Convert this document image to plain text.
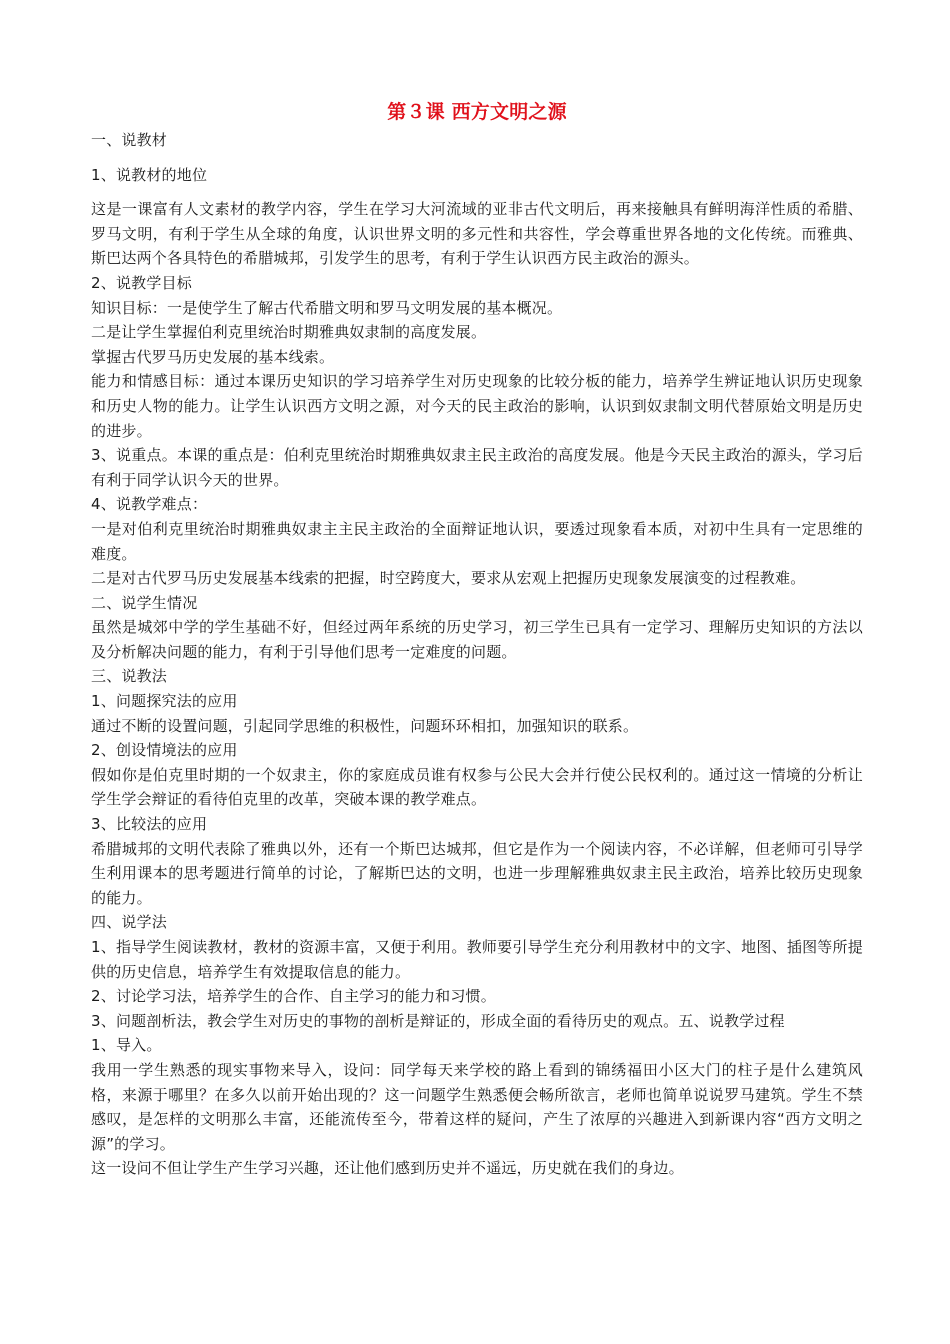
第３课 西方文明之源

一、说教材

1、说教材的地位

这是一课富有人文素材的教学内容，学生在学习大河流域的亚非古代文明后，再来接触具有鲜明海洋性质的希腊、罗马文明，有利于学生从全球的角度，认识世界文明的多元性和共容性，学会尊重世界各地的文化传统。而雅典、斯巴达两个各具特色的希腊城邦，引发学生的思考，有利于学生认识西方民主政治的源头。

2、说教学目标

知识目标：一是使学生了解古代希腊文明和罗马文明发展的基本概况。

二是让学生掌握伯利克里统治时期雅典奴隶制的高度发展。

掌握古代罗马历史发展的基本线索。

能力和情感目标：通过本课历史知识的学习培养学生对历史现象的比较分板的能力，培养学生辨证地认识历史现象和历史人物的能力。让学生认识西方文明之源，对今天的民主政治的影响，认识到奴隶制文明代替原始文明是历史的进步。

3、说重点。本课的重点是：伯利克里统治时期雅典奴隶主民主政治的高度发展。他是今天民主政治的源头，学习后有利于同学认识今天的世界。

4、说教学难点：

一是对伯利克里统治时期雅典奴隶主主民主政治的全面辩证地认识，要透过现象看本质，对初中生具有一定思维的难度。

二是对古代罗马历史发展基本线索的把握，时空跨度大，要求从宏观上把握历史现象发展演变的过程教难。

二、说学生情况

虽然是城郊中学的学生基础不好，但经过两年系统的历史学习，初三学生已具有一定学习、理解历史知识的方法以及分析解决问题的能力，有利于引导他们思考一定难度的问题。

三、说教法

1、问题探究法的应用

通过不断的设置问题，引起同学思维的积极性，问题环环相扣，加强知识的联系。

2、创设情境法的应用

假如你是伯克里时期的一个奴隶主，你的家庭成员谁有权参与公民大会并行使公民权利的。通过这一情境的分析让学生学会辩证的看待伯克里的改革，突破本课的教学难点。

3、比较法的应用

希腊城邦的文明代表除了雅典以外，还有一个斯巴达城邦，但它是作为一个阅读内容，不必详解，但老师可引导学生利用课本的思考题进行简单的讨论，了解斯巴达的文明，也进一步理解雅典奴隶主民主政治，培养比较历史现象的能力。

四、说学法

1、指导学生阅读教材，教材的资源丰富，又便于利用。教师要引导学生充分利用教材中的文字、地图、插图等所提供的历史信息，培养学生有效提取信息的能力。

2、讨论学习法，培养学生的合作、自主学习的能力和习惯。

3、问题剖析法，教会学生对历史的事物的剖析是辩证的，形成全面的看待历史的观点。五、说教学过程

1、导入。

我用一学生熟悉的现实事物来导入，设问：同学每天来学校的路上看到的锦绣福田小区大门的柱子是什么建筑风格，来源于哪里？在多久以前开始出现的？这一问题学生熟悉便会畅所欲言，老师也简单说说罗马建筑。学生不禁感叹，是怎样的文明那么丰富，还能流传至今，带着这样的疑问，产生了浓厚的兴趣进入到新课内容“西方文明之源”的学习。

这一设问不但让学生产生学习兴趣，还让他们感到历史并不遥远，历史就在我们的身边。
